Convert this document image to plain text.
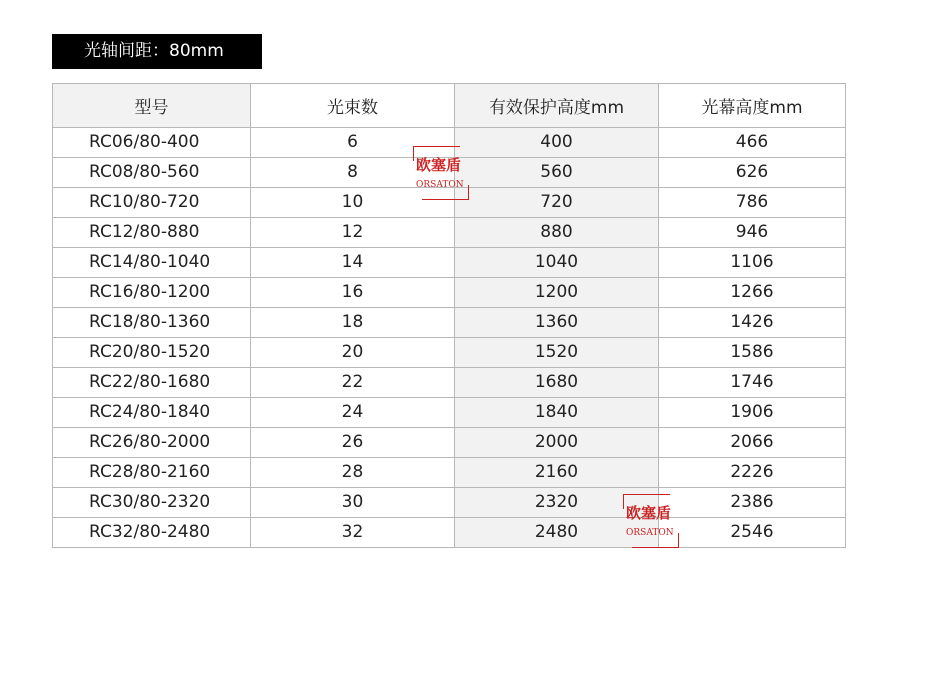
光轴间距：80mm
型号	光束数	有效保护高度mm	光幕高度mm
RC06/80-400	6	400	466
RC08/80-560	8	560	626
RC10/80-720	10	720	786
RC12/80-880	12	880	946
RC14/80-1040	14	1040	1106
RC16/80-1200	16	1200	1266
RC18/80-1360	18	1360	1426
RC20/80-1520	20	1520	1586
RC22/80-1680	22	1680	1746
RC24/80-1840	24	1840	1906
RC26/80-2000	26	2000	2066
RC28/80-2160	28	2160	2226
RC30/80-2320	30	2320	2386
RC32/80-2480	32	2480	2546
欧塞盾
ORSATON
欧塞盾
ORSATON
